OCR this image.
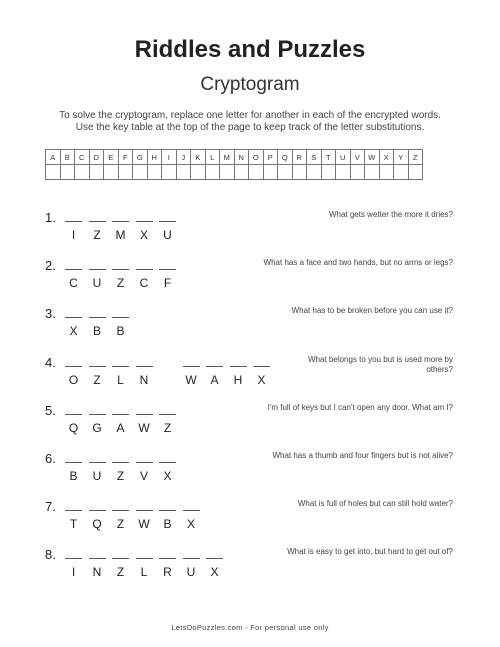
Riddles and Puzzles
Cryptogram
To solve the cryptogram, replace one letter for another in each of the encrypted words.
Use the key table at the top of the page to keep track of the letter substitutions.
A	B	C	D	E	F	G	H	I	J	K	L	M	N	O	P	Q	R	S	T	U	V	W	X	Y	Z

1.
I	Z	M	X	U
What gets wetter the more it dries?
2.
C	U	Z	C	F
What has a face and two hands, but no arms or legs?
3.
X	B	B
What has to be broken before you can use it?
4.
O	Z	L	N	W	A	H	X
What belongs to you but is used more by others?
5.
Q	G	A	W	Z
I'm full of keys but I can't open any door. What am I?
6.
B	U	Z	V	X
What has a thumb and four fingers but is not alive?
7.
T	Q	Z	W	B	X
What is full of holes but can still hold water?
8.
I	N	Z	L	R	U	X
What is easy to get into, but hard to get out of?
LetsDoPuzzles.com - For personal use only
